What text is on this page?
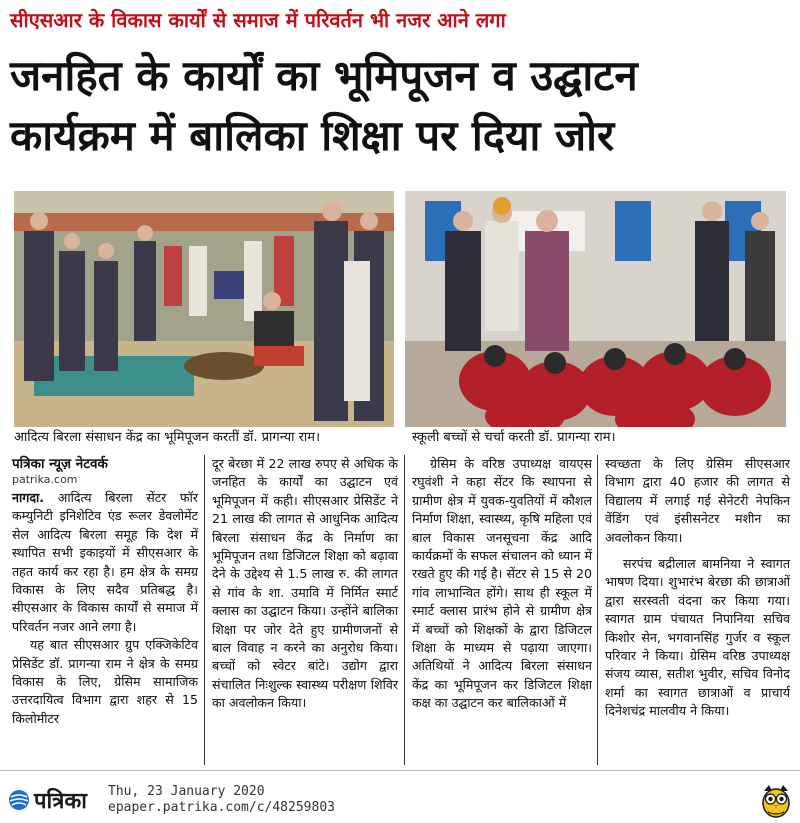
सीएसआर के विकास कार्यों से समाज में परिवर्तन भी नजर आने लगा
जनहित के कार्यों का भूमिपूजन व उद्घाटन
कार्यक्रम में बालिका शिक्षा पर दिया जोर
आदित्य बिरला संसाधन केंद्र का भूमिपूजन करतीं डॉ. प्रागन्या राम।	स्कूली बच्चों से चर्चा करती डॉ. प्रागन्या राम।
पत्रिका न्यूज़ नेटवर्क
patrika.com

नागदा. आदित्य बिरला सेंटर फॉर कम्युनिटी इनिशेटिव एंड रूलर डेवलोमेंट सेल आदित्य बिरला समूह कि देश में स्थापित सभी इकाइयों में सीएसआर के तहत कार्य कर रहा है। हम क्षेत्र के समग्र विकास के लिए सदैव प्रतिबद्ध है। सीएसआर के विकास कार्यों से समाज में परिवर्तन नजर आने लगा है।

यह बात सीएसआर ग्रुप एक्जिकेटिव प्रेसिडेंट डॉ. प्रागन्या राम ने क्षेत्र के समग्र विकास के लिए, ग्रेसिम सामाजिक उत्तरदायित्व विभाग द्वारा शहर से 15 किलोमीटर

दूर बेरछा में 22 लाख रुपए से अधिक के जनहित के कार्यों का उद्घाटन एवं भूमिपूजन में कही। सीएसआर प्रेसिडेंट ने 21 लाख की लागत से आधुनिक आदित्य बिरला संसाधन केंद्र के निर्माण का भूमिपूजन तथा डिजिटल शिक्षा को बढ़ावा देने के उद्देश्य से 1.5 लाख रु. की लागत से गांव के शा. उमावि में निर्मित स्मार्ट क्लास का उद्घाटन किया। उन्होंने बालिका शिक्षा पर जोर देते हुए ग्रामीणजनों से बाल विवाह न करने का अनुरोध किया। बच्चों को स्वेटर बांटे। उद्योग द्वारा संचालित निःशुल्क स्वास्थ्य परीक्षण शिविर का अवलोकन किया।

ग्रेसिम के वरिष्ठ उपाध्यक्ष वायएस रघुवंशी ने कहा सेंटर कि स्थापना से ग्रामीण क्षेत्र में युवक-युवतियों में कौशल निर्माण शिक्षा, स्वास्थ्य, कृषि महिला एवं बाल विकास जनसूचना केंद्र आदि कार्यक्रमों के सफल संचालन को ध्यान में रखते हुए की गई है। सेंटर से 15 से 20 गांव लाभान्वित होंगे। साथ ही स्कूल में स्मार्ट क्लास प्रारंभ होने से ग्रामीण क्षेत्र में बच्चों को शिक्षकों के द्वारा डिजिटल शिक्षा के माध्यम से पढ़ाया जाएगा। अतिथियों ने आदित्य बिरला संसाधन केंद्र का भूमिपूजन कर डिजिटल शिक्षा कक्ष का उद्घाटन कर बालिकाओं में

स्वच्छता के लिए ग्रेसिम सीएसआर विभाग द्वारा 40 हजार की लागत से विद्यालय में लगाई गई सेनेटरी नेपकिन वेंडिंग एवं इंसीसनेटर मशीन का अवलोकन किया।

सरपंच बद्रीलाल बामनिया ने स्वागत भाषण दिया। शुभारंभ बेरछा की छात्राओं द्वारा सरस्वती वंदना कर किया गया। स्वागत ग्राम पंचायत निपानिया सचिव किशोर सेन, भगवानसिंह गुर्जर व स्कूल परिवार ने किया। ग्रेसिम वरिष्ठ उपाध्यक्ष संजय व्यास, सतीश भुवीर, सचिव विनोद शर्मा का स्वागत छात्राओं व प्राचार्य दिनेशचंद्र मालवीय ने किया।

पत्रिका Thu, 23 January 2020
epaper.patrika.com/c/48259803
